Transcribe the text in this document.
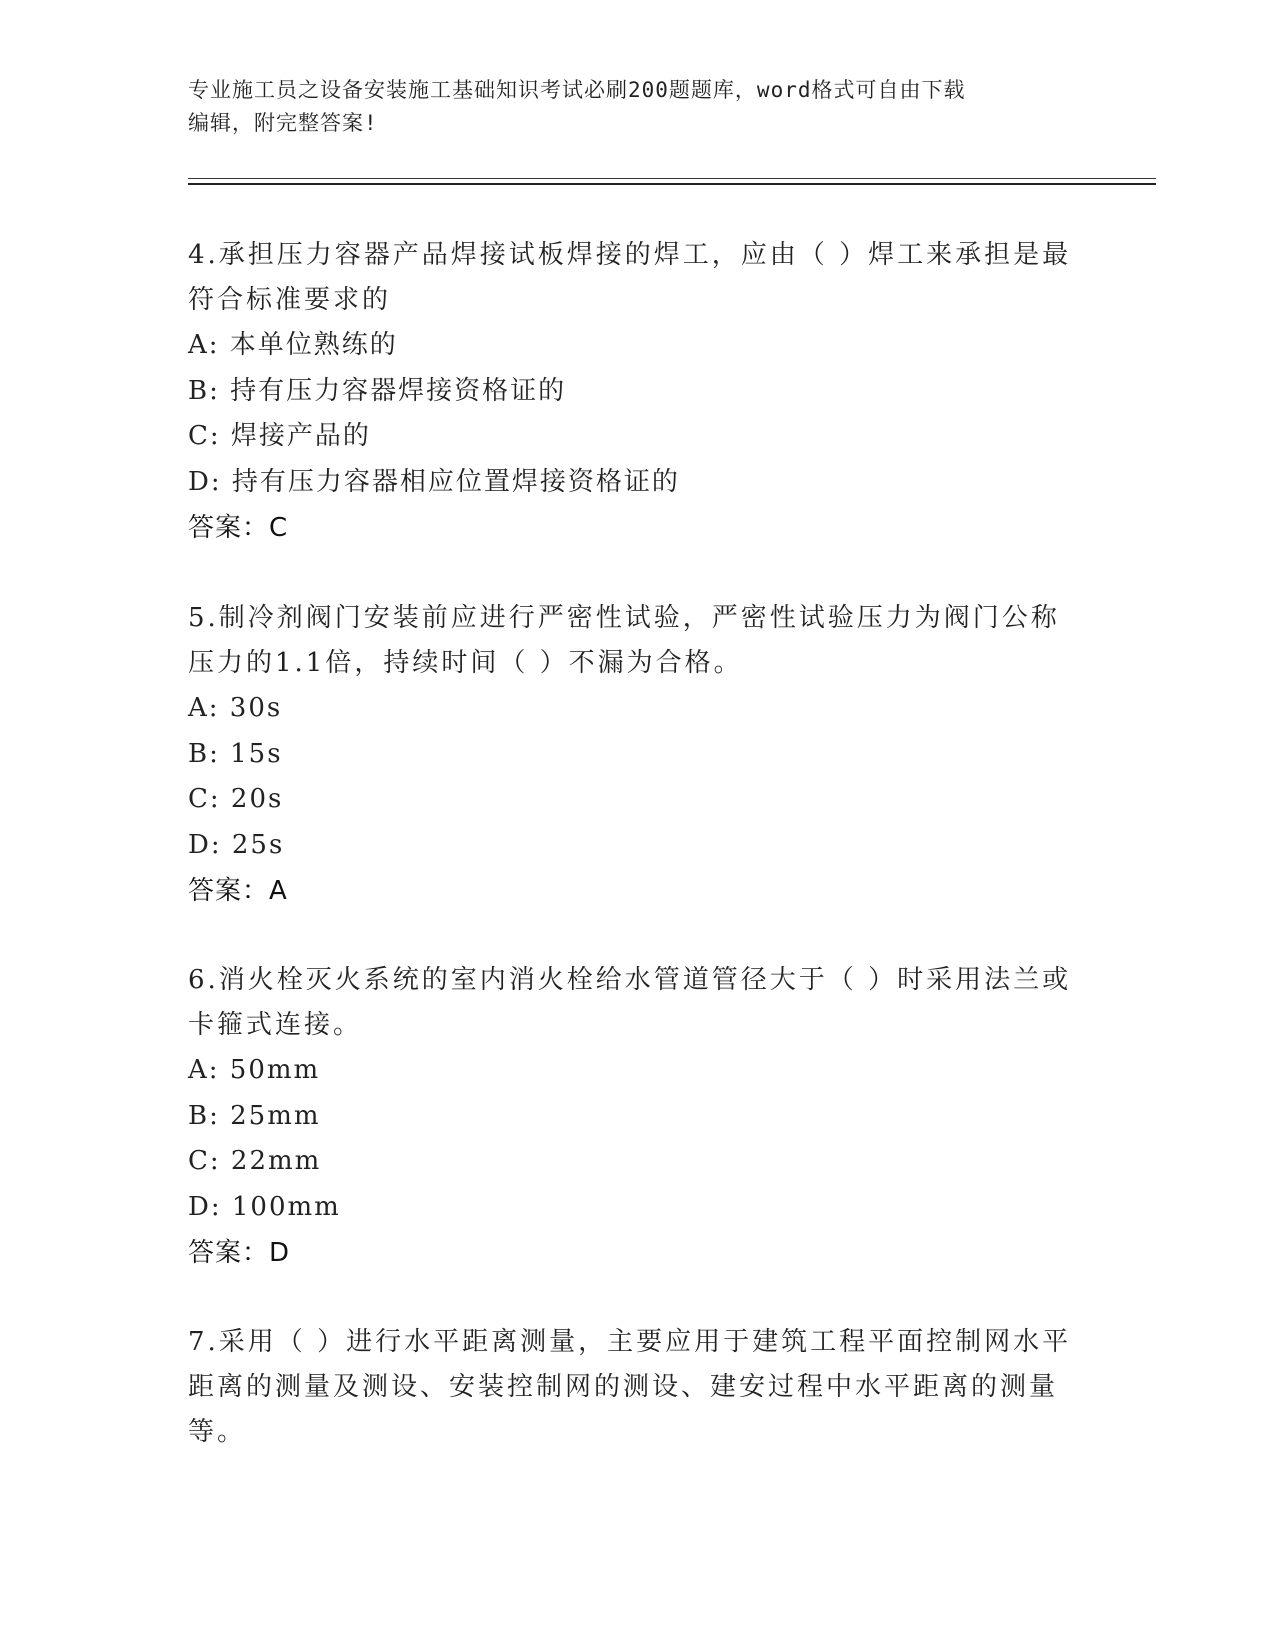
专业施工员之设备安装施工基础知识考试必刷200题题库，word格式可自由下载
编辑，附完整答案!

4.承担压力容器产品焊接试板焊接的焊工，应由（ ）焊工来承担是最

符合标准要求的

A: 本单位熟练的

B: 持有压力容器焊接资格证的

C: 焊接产品的

D: 持有压力容器相应位置焊接资格证的

答案：C

5.制冷剂阀门安装前应进行严密性试验，严密性试验压力为阀门公称

压力的1.1倍，持续时间（ ）不漏为合格。

A: 30s

B: 15s

C: 20s

D: 25s

答案：A

6.消火栓灭火系统的室内消火栓给水管道管径大于（ ）时采用法兰或

卡箍式连接。

A: 50mm

B: 25mm

C: 22mm

D: 100mm

答案：D

7.采用（ ）进行水平距离测量，主要应用于建筑工程平面控制网水平

距离的测量及测设、安装控制网的测设、建安过程中水平距离的测量

等。
